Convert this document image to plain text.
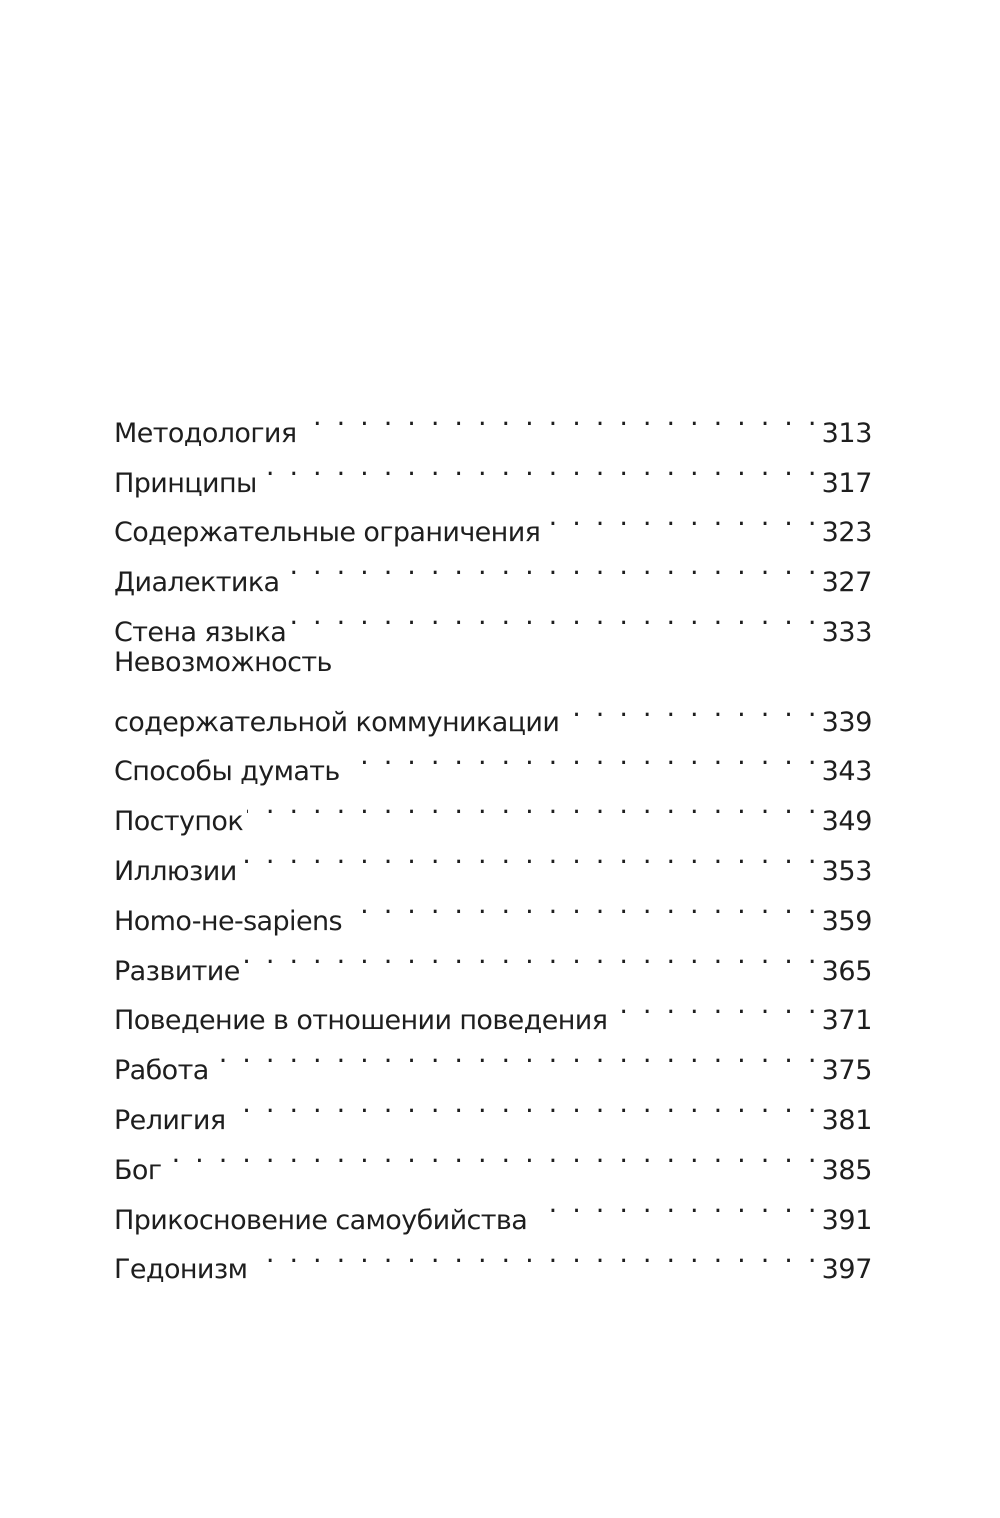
Методология . . .	313
Принципы . . .	317
Содержательные ограничения . . .	323
Диалектика . . .	327
Стена языка . . .	333
Невозможность
содержательной коммуникации . . .	339
Способы думать . . .	343
Поступок . . .	349
Иллюзии . . .	353
Homo-не-sapiens . . .	359
Развитие . . .	365
Поведение в отношении поведения . . .	371
Работа . . .	375
Религия . . .	381
Бог . . .	385
Прикосновение самоубийства . . .	391
Гедонизм . . .	397
